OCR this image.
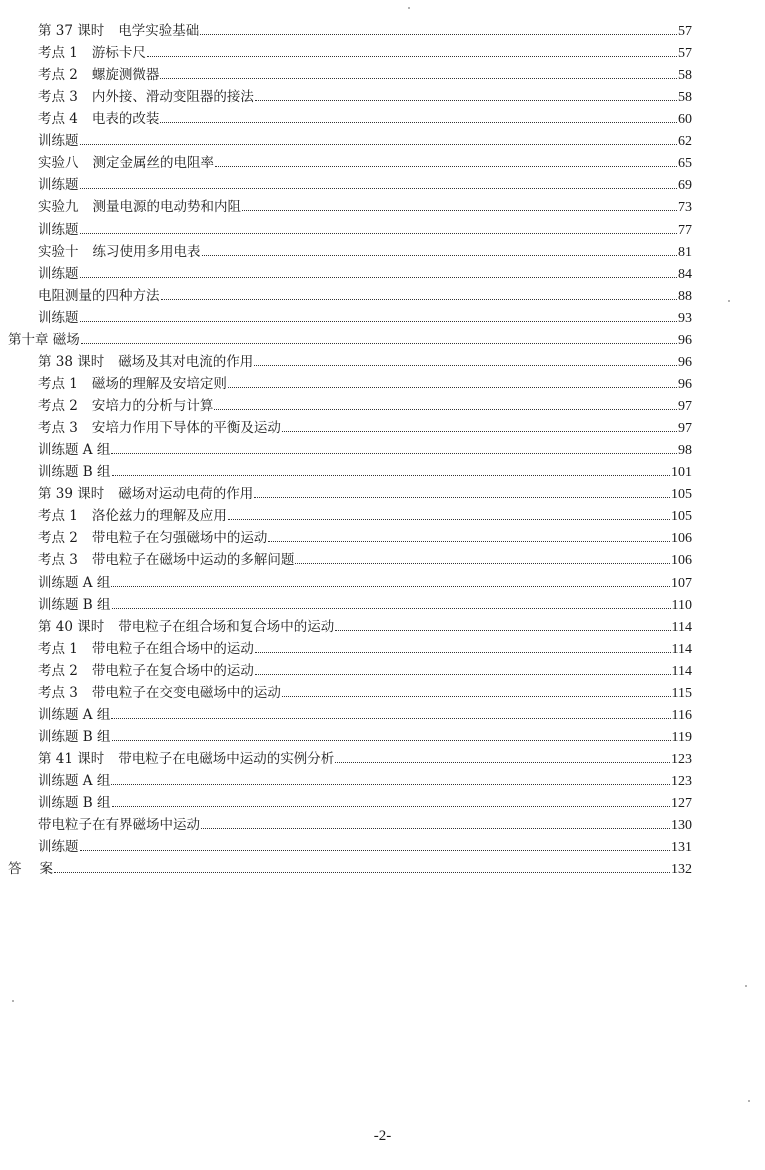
第 37 课时 电学实验基础	57
考点 1 游标卡尺	57
考点 2 螺旋测微器	58
考点 3 内外接、滑动变阻器的接法	58
考点 4 电表的改装	60
训练题	62
实验八 测定金属丝的电阻率	65
训练题	69
实验九 测量电源的电动势和内阻	73
训练题	77
实验十 练习使用多用电表	81
训练题	84
电阻测量的四种方法	88
训练题	93
第十章 磁场	96
第 38 课时 磁场及其对电流的作用	96
考点 1 磁场的理解及安培定则	96
考点 2 安培力的分析与计算	97
考点 3 安培力作用下导体的平衡及运动	97
训练题 A 组	98
训练题 B 组	101
第 39 课时 磁场对运动电荷的作用	105
考点 1 洛伦兹力的理解及应用	105
考点 2 带电粒子在匀强磁场中的运动	106
考点 3 带电粒子在磁场中运动的多解问题	106
训练题 A 组	107
训练题 B 组	110
第 40 课时 带电粒子在组合场和复合场中的运动	114
考点 1 带电粒子在组合场中的运动	114
考点 2 带电粒子在复合场中的运动	114
考点 3 带电粒子在交变电磁场中的运动	115
训练题 A 组	116
训练题 B 组	119
第 41 课时 带电粒子在电磁场中运动的实例分析	123
训练题 A 组	123
训练题 B 组	127
带电粒子在有界磁场中运动	130
训练题	131
答 案	132
-2-
